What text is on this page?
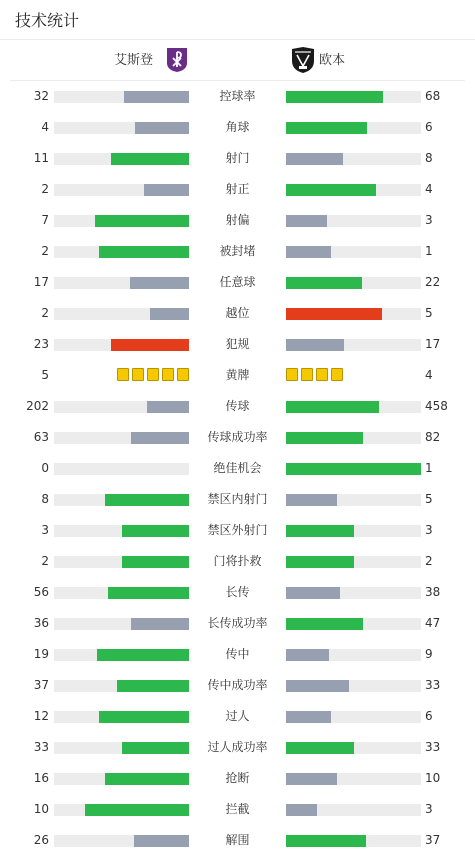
技术统计
艾斯登	欧本
32	控球率	68
4	角球	6
11	射门	8
2	射正	4
7	射偏	3
2	被封堵	1
17	任意球	22
2	越位	5
23	犯规	17
5	黄牌	4
202	传球	458
63	传球成功率	82
0	绝佳机会	1
8	禁区内射门	5
3	禁区外射门	3
2	门将扑救	2
56	长传	38
36	长传成功率	47
19	传中	9
37	传中成功率	33
12	过人	6
33	过人成功率	33
16	抢断	10
10	拦截	3
26	解围	37
